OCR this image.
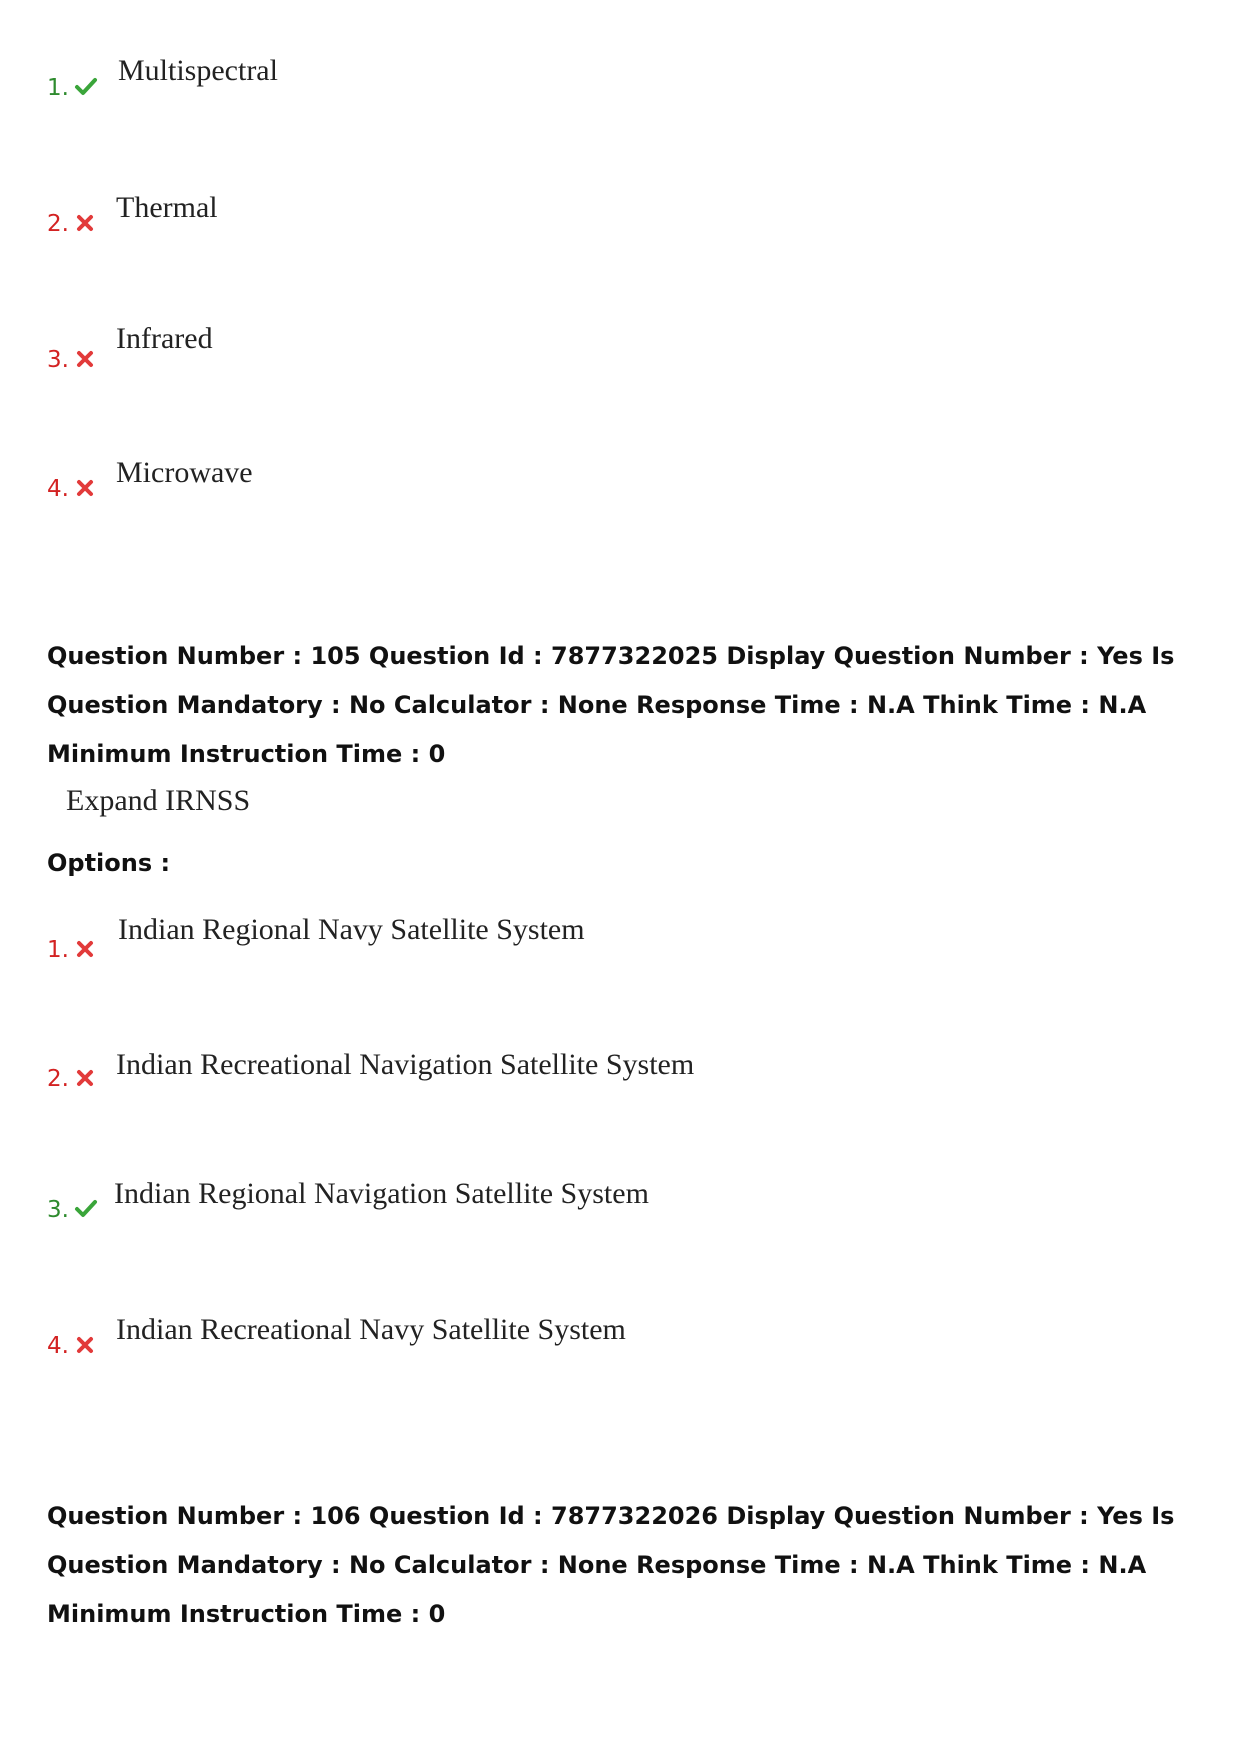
1.
Multispectral
2. Thermal
3.
Infrared
4. Microwave
Question Number : 105 Question Id : 7877322025 Display Question Number : Yes Is Question Mandatory : No Calculator : None Response Time : N.A Think Time : N.A Minimum Instruction Time : 0
Expand IRNSS
Options :
1.
Indian Regional Navy Satellite System
2. Indian Recreational Navigation Satellite System
3. Indian Regional Navigation Satellite System
4. Indian Recreational Navy Satellite System
Question Number : 106 Question Id : 7877322026 Display Question Number : Yes Is Question Mandatory : No Calculator : None Response Time : N.A Think Time : N.A Minimum Instruction Time : 0
